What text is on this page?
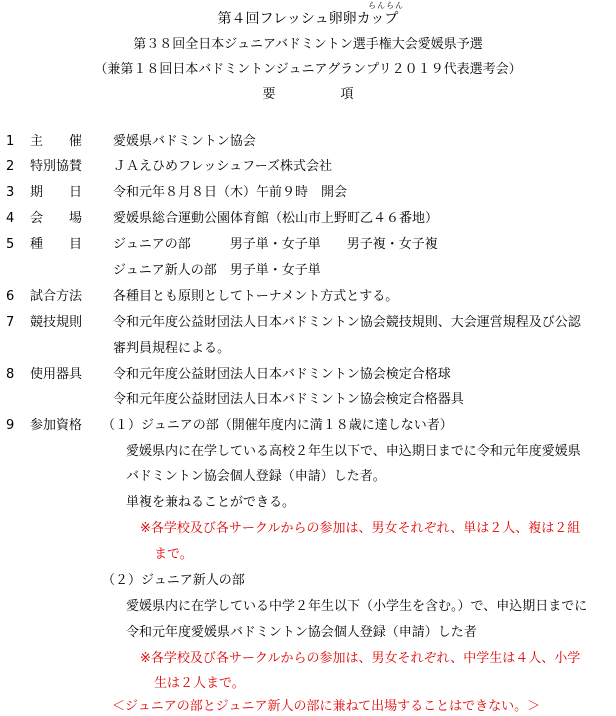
らんらん
第４回フレッシュ卵卵カップ
第３８回全日本ジュニアバドミントン選手権大会愛媛県予選
（兼第１８回日本バドミントンジュニアグランプリ２０１９代表選考会）
要　　　　　項
1 主　　催 愛媛県バドミントン協会
2 特別協賛 ＪＡえひめフレッシュフーズ株式会社
3 期　　日 令和元年８月８日（木）午前９時　開会
4 会　　場 愛媛県総合運動公園体育館（松山市上野町乙４６番地）
5 種　　目 ジュニアの部　　　男子単・女子単　　男子複・女子複
ジュニア新人の部　男子単・女子単
6 試合方法 各種目とも原則としてトーナメント方式とする。
7 競技規則 令和元年度公益財団法人日本バドミントン協会競技規則、大会運営規程及び公認
審判員規程による。
8 使用器具 令和元年度公益財団法人日本バドミントン協会検定合格球
令和元年度公益財団法人日本バドミントン協会検定合格器具
9 参加資格 （１）ジュニアの部（開催年度内に満１８歳に達しない者）
愛媛県内に在学している高校２年生以下で、申込期日までに令和元年度愛媛県
バドミントン協会個人登録（申請）した者。
単複を兼ねることができる。
※各学校及び各サークルからの参加は、男女それぞれ、単は２人、複は２組
まで。
（２）ジュニア新人の部
愛媛県内に在学している中学２年生以下（小学生を含む。）で、申込期日までに
令和元年度愛媛県バドミントン協会個人登録（申請）した者
※各学校及び各サークルからの参加は、男女それぞれ、中学生は４人、小学
生は２人まで。
＜ジュニアの部とジュニア新人の部に兼ねて出場することはできない。＞
